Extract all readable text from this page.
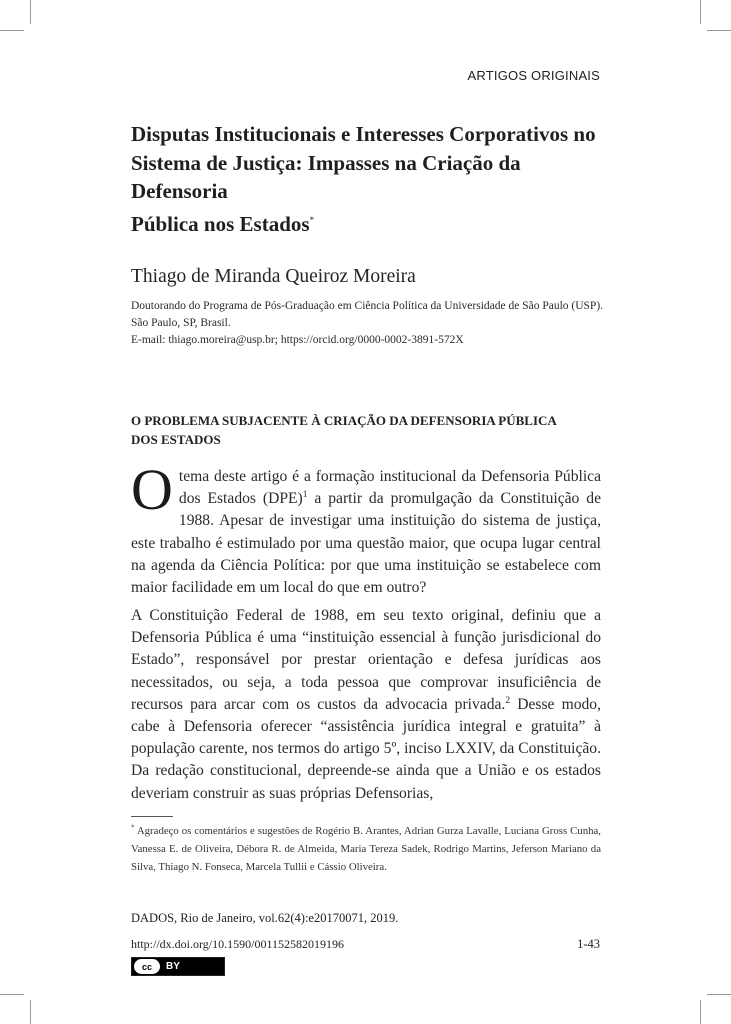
ARTIGOS ORIGINAIS
Disputas Institucionais e Interesses Corporativos no
Sistema de Justiça: Impasses na Criação da Defensoria
Pública nos Estados*
Thiago de Miranda Queiroz Moreira
Doutorando do Programa de Pós-Graduação em Ciência Política da Universidade de São Paulo (USP).
São Paulo, SP, Brasil.
E-mail: thiago.moreira@usp.br; https://orcid.org/0000-0002-3891-572X
O PROBLEMA SUBJACENTE À CRIAÇÃO DA DEFENSORIA PÚBLICA
DOS ESTADOS
Otema deste artigo é a formação institucional da Defensoria Pública dos Estados (DPE)$^1$ a partir da promulgação da Constituição de 1988. Apesar de investigar uma instituição do sistema de justiça, este trabalho é estimulado por uma questão maior, que ocupa lugar central na agenda da Ciência Política: por que uma instituição se estabelece com maior facilidade em um local do que em outro?
A Constituição Federal de 1988, em seu texto original, definiu que a Defensoria Pública é uma “instituição essencial à função jurisdicional do Estado”, responsável por prestar orientação e defesa jurídicas aos necessitados, ou seja, a toda pessoa que comprovar insuficiência de recursos para arcar com os custos da advocacia privada.$^2$ Desse modo, cabe à Defensoria oferecer “assistência jurídica integral e gratuita” à população carente, nos termos do artigo 5º, inciso LXXIV, da Constituição. Da redação constitucional, depreende-se ainda que a União e os estados deveriam construir as suas próprias Defensorias,
* Agradeço os comentários e sugestões de Rogério B. Arantes, Adrian Gurza Lavalle, Luciana Gross Cunha, Vanessa E. de Oliveira, Débora R. de Almeida, Maria Tereza Sadek, Rodrigo Martins, Jeferson Mariano da Silva, Thiago N. Fonseca, Marcela Tullii e Cássio Oliveira.
DADOS, Rio de Janeiro, vol.62(4):e20170071, 2019.
http://dx.doi.org/10.1590/001152582019196	1-43
cc	BY
